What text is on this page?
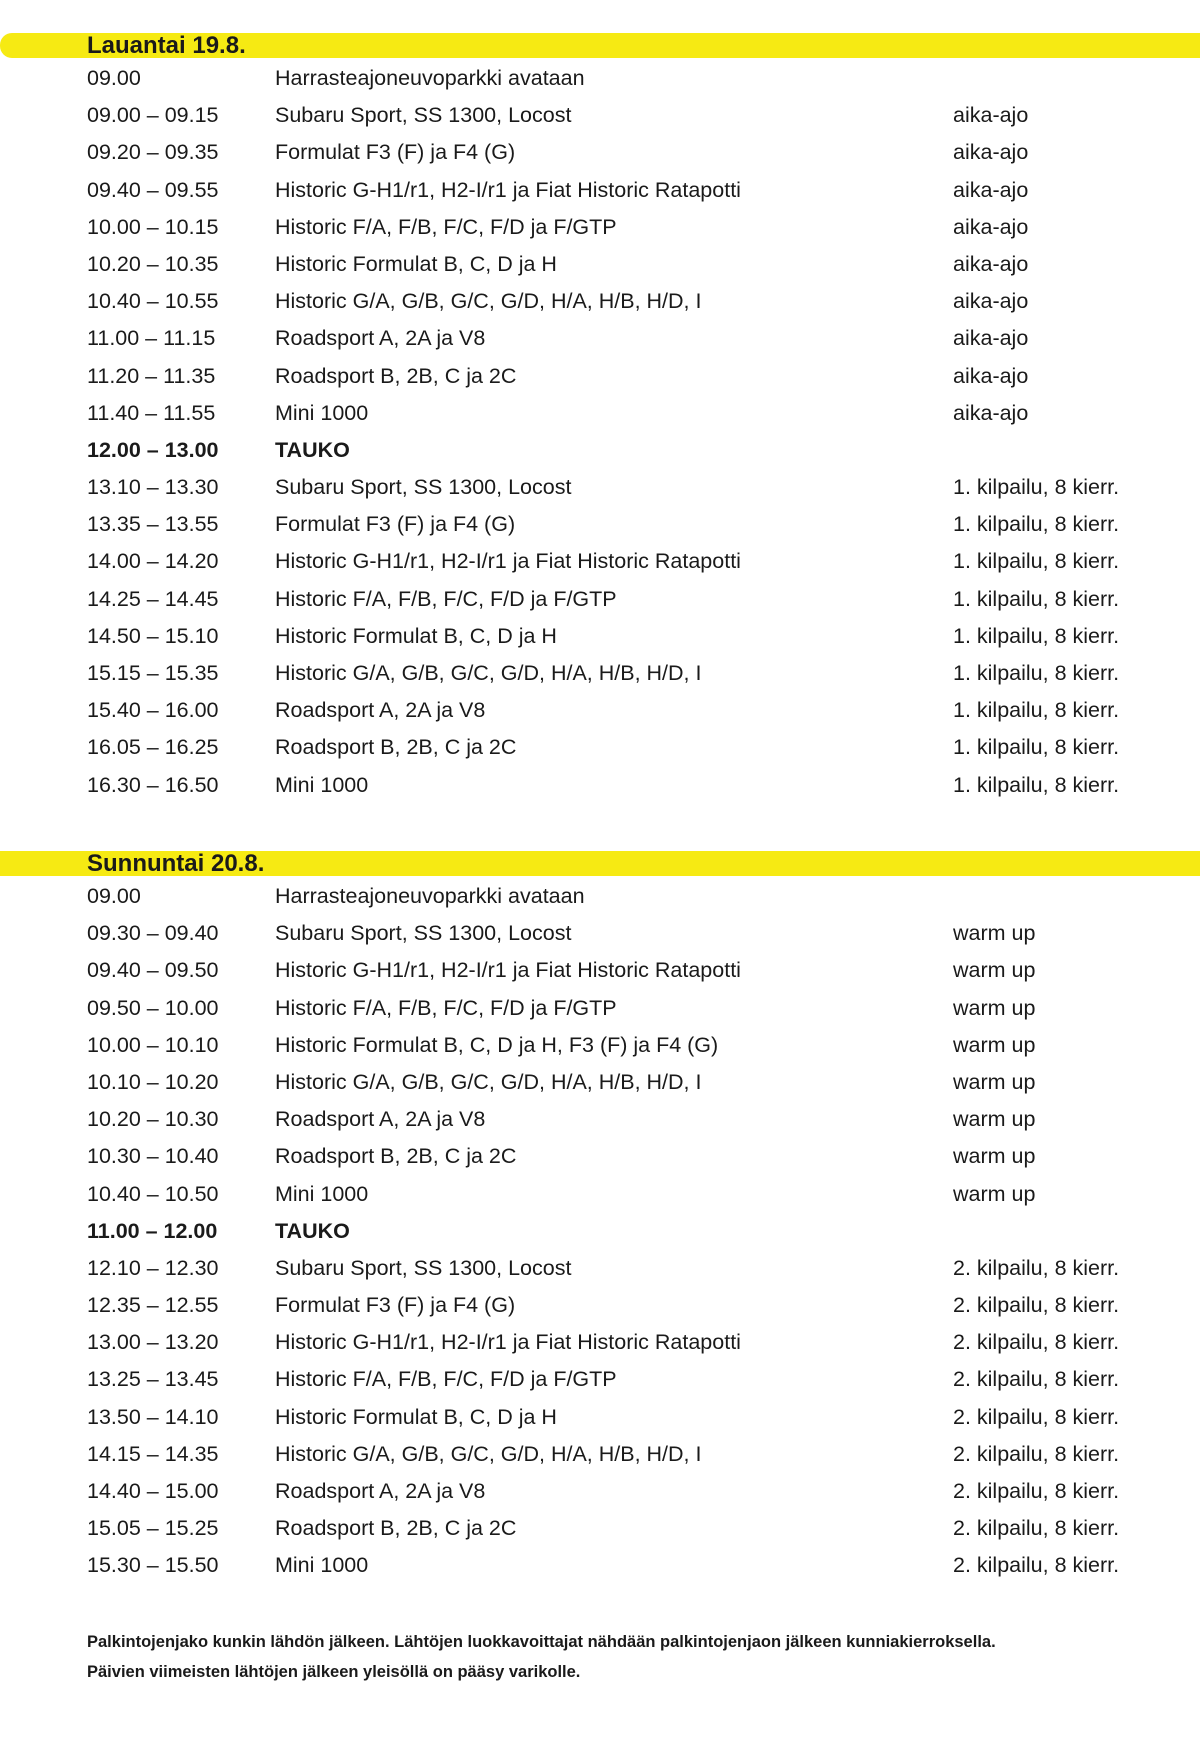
Lauantai 19.8.
09.00	Harrasteajoneuvoparkki avataan
09.00 – 09.15	Subaru Sport, SS 1300, Locost	aika-ajo
09.20 – 09.35	Formulat F3 (F) ja F4 (G)	aika-ajo
09.40 – 09.55	Historic G-H1/r1, H2-I/r1 ja Fiat Historic Ratapotti	aika-ajo
10.00 – 10.15	Historic F/A, F/B, F/C, F/D ja F/GTP	aika-ajo
10.20 – 10.35	Historic Formulat B, C, D ja H	aika-ajo
10.40 – 10.55	Historic G/A, G/B, G/C, G/D, H/A, H/B, H/D, I	aika-ajo
11.00 – 11.15	Roadsport A, 2A ja V8	aika-ajo
11.20 – 11.35	Roadsport B, 2B, C ja 2C	aika-ajo
11.40 – 11.55	Mini 1000	aika-ajo
12.00 – 13.00	TAUKO
13.10 – 13.30	Subaru Sport, SS 1300, Locost	1. kilpailu, 8 kierr.
13.35 – 13.55	Formulat F3 (F) ja F4 (G)	1. kilpailu, 8 kierr.
14.00 – 14.20	Historic G-H1/r1, H2-I/r1 ja Fiat Historic Ratapotti	1. kilpailu, 8 kierr.
14.25 – 14.45	Historic F/A, F/B, F/C, F/D ja F/GTP	1. kilpailu, 8 kierr.
14.50 – 15.10	Historic Formulat B, C, D ja H	1. kilpailu, 8 kierr.
15.15 – 15.35	Historic G/A, G/B, G/C, G/D, H/A, H/B, H/D, I	1. kilpailu, 8 kierr.
15.40 – 16.00	Roadsport A, 2A ja V8	1. kilpailu, 8 kierr.
16.05 – 16.25	Roadsport B, 2B, C ja 2C	1. kilpailu, 8 kierr.
16.30 – 16.50	Mini 1000	1. kilpailu, 8 kierr.
Sunnuntai 20.8.
09.00	Harrasteajoneuvoparkki avataan
09.30 – 09.40	Subaru Sport, SS 1300, Locost	warm up
09.40 – 09.50	Historic G-H1/r1, H2-I/r1 ja Fiat Historic Ratapotti	warm up
09.50 – 10.00	Historic F/A, F/B, F/C, F/D ja F/GTP	warm up
10.00 – 10.10	Historic Formulat B, C, D ja H, F3 (F) ja F4 (G)	warm up
10.10 – 10.20	Historic G/A, G/B, G/C, G/D, H/A, H/B, H/D, I	warm up
10.20 – 10.30	Roadsport A, 2A ja V8	warm up
10.30 – 10.40	Roadsport B, 2B, C ja 2C	warm up
10.40 – 10.50	Mini 1000	warm up
11.00 – 12.00	TAUKO
12.10 – 12.30	Subaru Sport, SS 1300, Locost	2. kilpailu, 8 kierr.
12.35 – 12.55	Formulat F3 (F) ja F4 (G)	2. kilpailu, 8 kierr.
13.00 – 13.20	Historic G-H1/r1, H2-I/r1 ja Fiat Historic Ratapotti	2. kilpailu, 8 kierr.
13.25 – 13.45	Historic F/A, F/B, F/C, F/D ja F/GTP	2. kilpailu, 8 kierr.
13.50 – 14.10	Historic Formulat B, C, D ja H	2. kilpailu, 8 kierr.
14.15 – 14.35	Historic G/A, G/B, G/C, G/D, H/A, H/B, H/D, I	2. kilpailu, 8 kierr.
14.40 – 15.00	Roadsport A, 2A ja V8	2. kilpailu, 8 kierr.
15.05 – 15.25	Roadsport B, 2B, C ja 2C	2. kilpailu, 8 kierr.
15.30 – 15.50	Mini 1000	2. kilpailu, 8 kierr.

Palkintojenjako kunkin lähdön jälkeen. Lähtöjen luokkavoittajat nähdään palkintojenjaon jälkeen kunniakierroksella.

Päivien viimeisten lähtöjen jälkeen yleisöllä on pääsy varikolle.
